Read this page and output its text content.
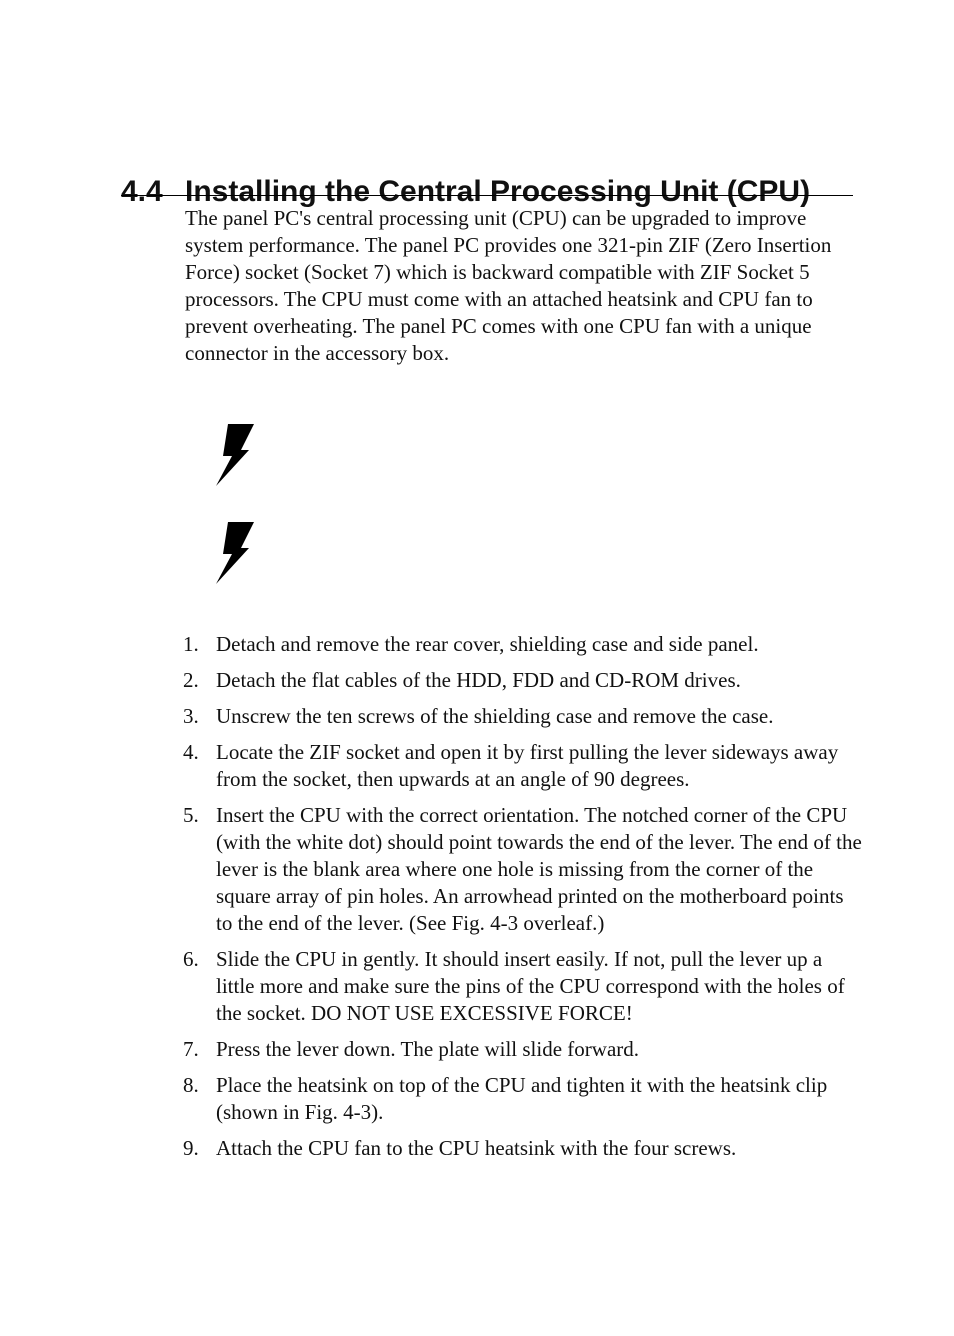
4.4 Installing the Central Processing Unit (CPU)

The panel PC's central processing unit (CPU) can be upgraded to improve system performance. The panel PC provides one 321-pin ZIF (Zero Insertion Force) socket (Socket 7) which is backward compatible with ZIF Socket 5 processors. The CPU must come with an attached heatsink and CPU fan to prevent overheating. The panel PC comes with one CPU fan with a unique connector in the accessory box.

1. Detach and remove the rear cover, shielding case and side panel.
2. Detach the flat cables of the HDD, FDD and CD-ROM drives.
3. Unscrew the ten screws of the shielding case and remove the case.
4. Locate the ZIF socket and open it by first pulling the lever sideways away from the socket, then upwards at an angle of 90 degrees.
5. Insert the CPU with the correct orientation. The notched corner of the CPU (with the white dot) should point towards the end of the lever. The end of the lever is the blank area where one hole is missing from the corner of the square array of pin holes. An arrowhead printed on the motherboard points to the end of the lever. (See Fig. 4-3 overleaf.)
6. Slide the CPU in gently. It should insert easily. If not, pull the lever up a little more and make sure the pins of the CPU correspond with the holes of the socket. DO NOT USE EXCESSIVE FORCE!
7. Press the lever down. The plate will slide forward.
8. Place the heatsink on top of the CPU and tighten it with the heatsink clip (shown in Fig. 4-3).
9. Attach the CPU fan to the CPU heatsink with the four screws.
